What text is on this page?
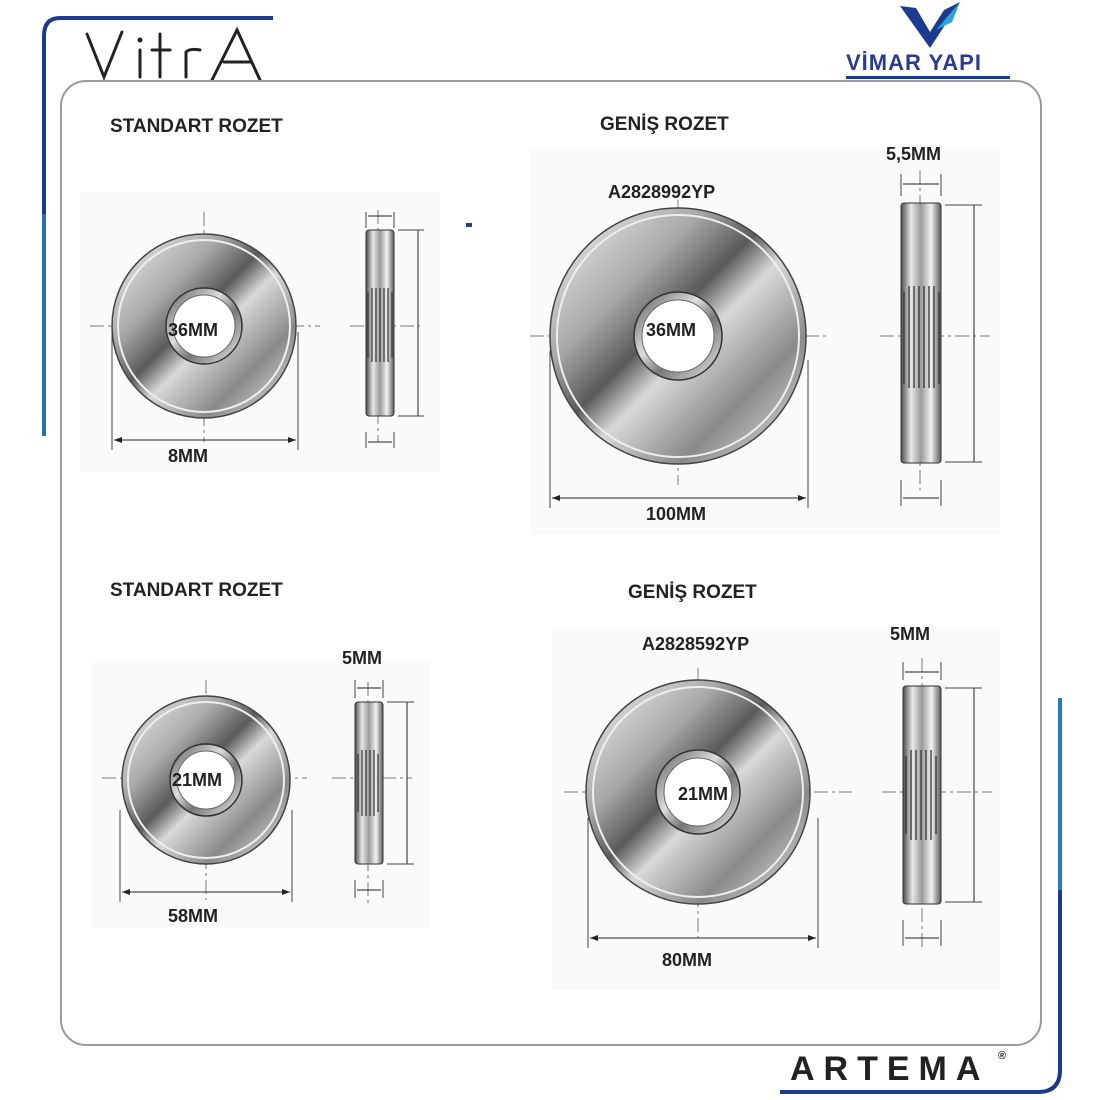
VİMAR YAPI
STANDART ROZET
36MM
8MM
GENİŞ ROZET
5,5MM
A2828992YP
36MM
100MM
STANDART ROZET
5MM
21MM
58MM
GENİŞ ROZET
5MM
A2828592YP
21MM
80MM
ARTEMA ®
